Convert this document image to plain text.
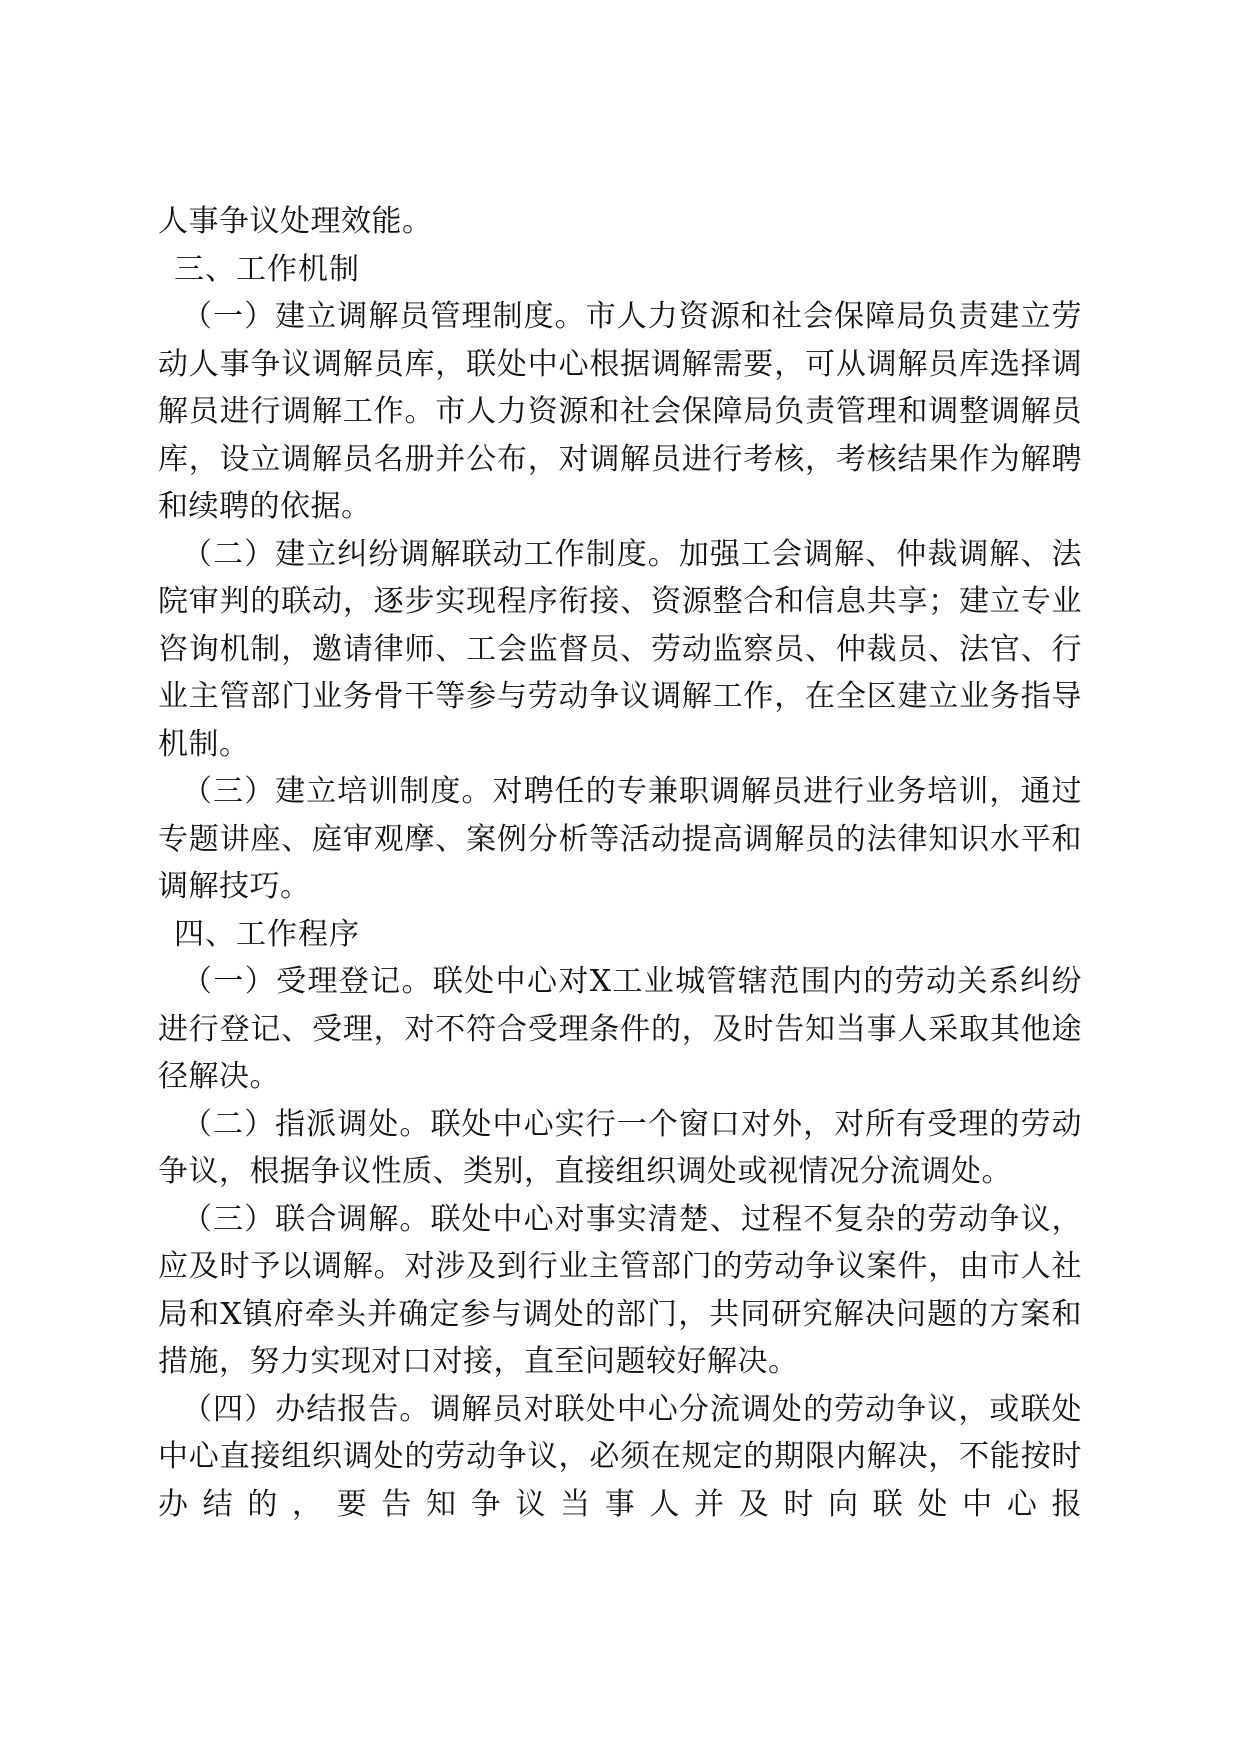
人事争议处理效能。

三、工作机制

（一）建立调解员管理制度。市人力资源和社会保障局负责建立劳动人事争议调解员库，联处中心根据调解需要，可从调解员库选择调解员进行调解工作。市人力资源和社会保障局负责管理和调整调解员库，设立调解员名册并公布，对调解员进行考核，考核结果作为解聘和续聘的依据。

（二）建立纠纷调解联动工作制度。加强工会调解、仲裁调解、法院审判的联动，逐步实现程序衔接、资源整合和信息共享；建立专业咨询机制，邀请律师、工会监督员、劳动监察员、仲裁员、法官、行业主管部门业务骨干等参与劳动争议调解工作，在全区建立业务指导机制。

（三）建立培训制度。对聘任的专兼职调解员进行业务培训，通过专题讲座、庭审观摩、案例分析等活动提高调解员的法律知识水平和调解技巧。

四、工作程序

（一）受理登记。联处中心对X工业城管辖范围内的劳动关系纠纷进行登记、受理，对不符合受理条件的，及时告知当事人采取其他途径解决。

（二）指派调处。联处中心实行一个窗口对外，对所有受理的劳动争议，根据争议性质、类别，直接组织调处或视情况分流调处。

（三）联合调解。联处中心对事实清楚、过程不复杂的劳动争议，应及时予以调解。对涉及到行业主管部门的劳动争议案件，由市人社局和X镇府牵头并确定参与调处的部门，共同研究解决问题的方案和措施，努力实现对口对接，直至问题较好解决。

（四）办结报告。调解员对联处中心分流调处的劳动争议，或联处中心直接组织调处的劳动争议，必须在规定的期限内解决，不能按时办结的，要告知争议当事人并及时向联处中心报
